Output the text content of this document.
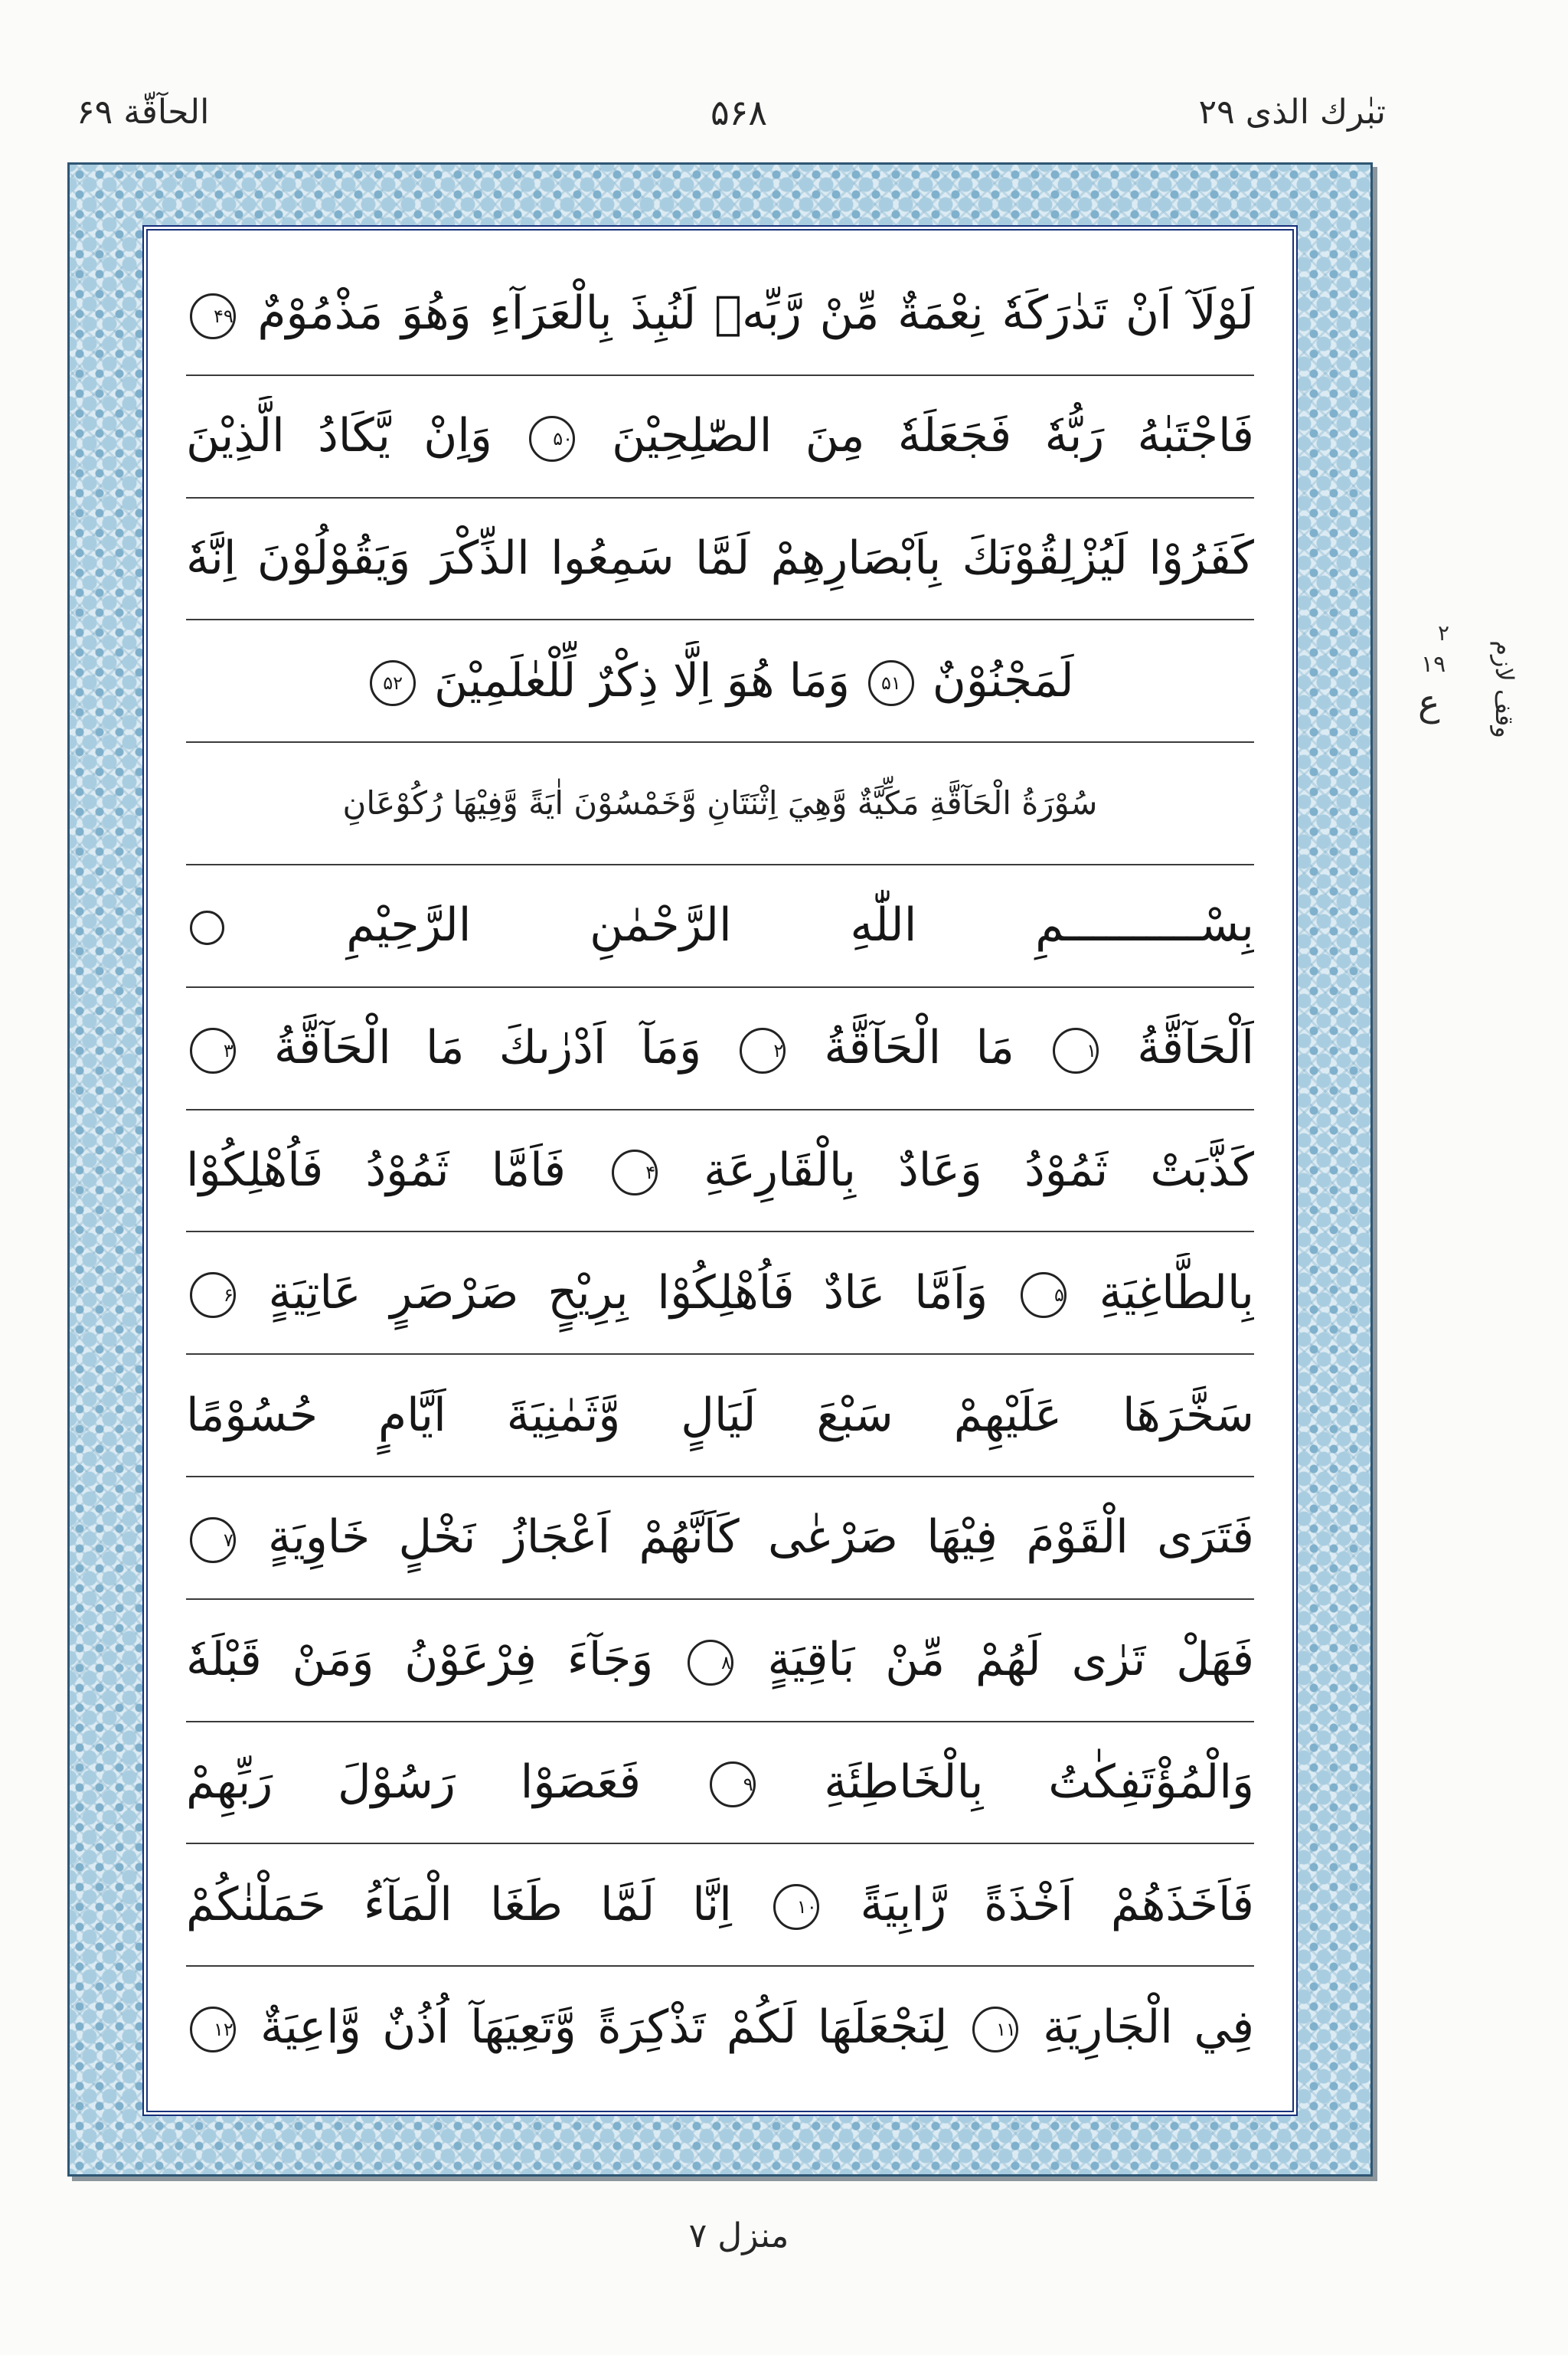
الحآقّة ۶۹	۵۶۸	تبٰرك الذى ۲۹
لَوْلَآ اَنْ تَدٰرَكَهٗ نِعْمَةٌ مِّنْ رَّبِّهٖ لَنُبِذَ بِالْعَرَآءِ وَهُوَ مَذْمُوْمٌ
۴۹
فَاجْتَبٰهُ رَبُّهٗ فَجَعَلَهٗ مِنَ الصّٰلِحِيْنَ
۵۰
وَاِنْ يَّكَادُ الَّذِيْنَ
كَفَرُوْا لَيُزْلِقُوْنَكَ بِاَبْصَارِهِمْ لَمَّا سَمِعُوا الذِّكْرَ وَيَقُوْلُوْنَ اِنَّهٗ
لَمَجْنُوْنٌ
۵۱
وَمَا هُوَ اِلَّا ذِكْرٌ لِّلْعٰلَمِيْنَ
۵۲
سُوْرَةُ الْحَآقَّةِ مَكِّيَّةٌ وَّهِيَ اِثْنَتَانِ وَّخَمْسُوْنَ اٰيَةً وَّفِيْهَا رُكُوْعَانِ
بِسْــــــــــمِ اللّٰهِ الرَّحْمٰنِ الرَّحِيْمِ
اَلْحَآقَّةُ
۱
مَا الْحَآقَّةُ
۲
وَمَآ اَدْرٰىكَ مَا الْحَآقَّةُ
۳
كَذَّبَتْ ثَمُوْدُ وَعَادٌ بِالْقَارِعَةِ
۴
فَاَمَّا ثَمُوْدُ فَاُهْلِكُوْا
بِالطَّاغِيَةِ
۵
وَاَمَّا عَادٌ فَاُهْلِكُوْا بِرِيْحٍ صَرْصَرٍ عَاتِيَةٍ
۶
سَخَّرَهَا عَلَيْهِمْ سَبْعَ لَيَالٍ وَّثَمٰنِيَةَ اَيَّامٍ حُسُوْمًا
فَتَرَى الْقَوْمَ فِيْهَا صَرْعٰى كَاَنَّهُمْ اَعْجَازُ نَخْلٍ خَاوِيَةٍ
۷
فَهَلْ تَرٰى لَهُمْ مِّنْ بَاقِيَةٍ
۸
وَجَآءَ فِرْعَوْنُ وَمَنْ قَبْلَهٗ
وَالْمُؤْتَفِكٰتُ بِالْخَاطِئَةِ
۹
فَعَصَوْا رَسُوْلَ رَبِّهِمْ
فَاَخَذَهُمْ اَخْذَةً رَّابِيَةً
۱۰
اِنَّا لَمَّا طَغَا الْمَآءُ حَمَلْنٰكُمْ
فِي الْجَارِيَةِ
۱۱
لِنَجْعَلَهَا لَكُمْ تَذْكِرَةً وَّتَعِيَهَآ اُذُنٌ وَّاعِيَةٌ
۱۲
۲
۱۹
ع وقف لازم
منزل ۷
